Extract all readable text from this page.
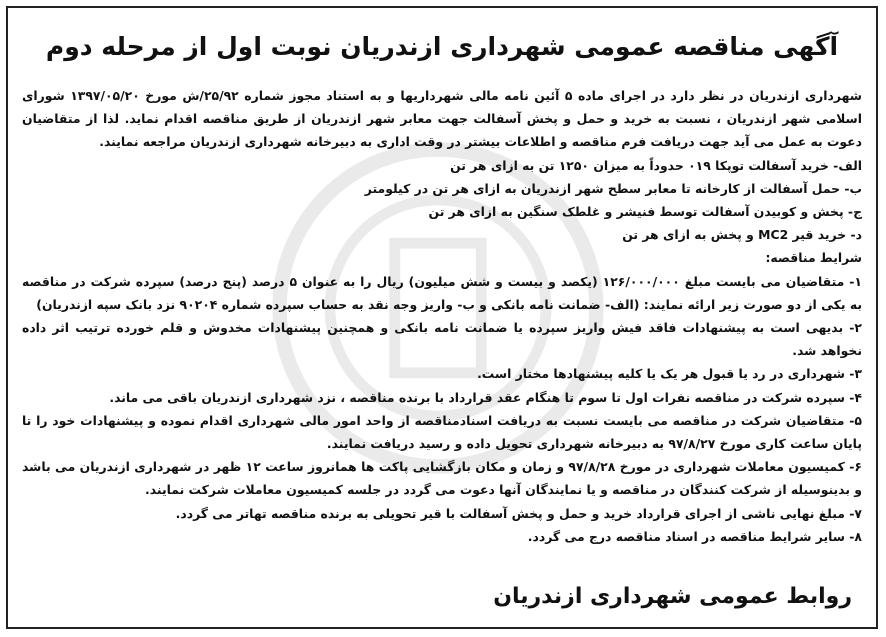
آگهی مناقصه عمومی شهرداری ازندریان نوبت اول از مرحله دوم

شهرداری ازندریان در نظر دارد در اجرای ماده ۵ آئین نامه مالی شهرداریها و به استناد مجوز شماره ۲۵/۹۲/ش مورخ ۱۳۹۷/۰۵/۲۰ شورای اسلامی شهر ازندریان ، نسبت به خرید و حمل و پخش آسفالت جهت معابر شهر ازندریان از طریق مناقصه اقدام نماید. لذا از متقاضیان دعوت به عمل می آید جهت دریافت فرم مناقصه و اطلاعات بیشتر در وقت اداری به دبیرخانه شهرداری ازندریان مراجعه نمایند.

الف- خرید آسفالت توپکا ۰۱۹ حدوداً به میزان ۱۲۵۰ تن به ازای هر تن

ب- حمل آسفالت از کارخانه تا معابر سطح شهر ازندریان به ازای هر تن در کیلومتر

ج- پخش و کوبیدن آسفالت توسط فنیشر و غلطک سنگین به ازای هر تن

د- خرید قیر MC2 و پخش به ازای هر تن

شرایط مناقصه:

۱- متقاضیان می بایست مبلغ ۱۲۶/۰۰۰/۰۰۰ (یکصد و بیست و شش میلیون) ریال را به عنوان ۵ درصد (پنج درصد) سپرده شرکت در مناقصه به یکی از دو صورت زیر ارائه نمایند: (الف- ضمانت نامه بانکی و ب- واریز وجه نقد به حساب سپرده شماره ۹۰۲۰۴ نزد بانک سپه ازندریان)

۲- بدیهی است به پیشنهادات فاقد فیش واریز سپرده یا ضمانت نامه بانکی و همچنین پیشنهادات مخدوش و قلم خورده ترتیب اثر داده نخواهد شد.

۳- شهرداری در رد یا قبول هر یک یا کلیه پیشنهادها مختار است.

۴- سپرده شرکت در مناقصه نفرات اول تا سوم تا هنگام عقد قرارداد با برنده مناقصه ، نزد شهرداری ازندریان باقی می ماند.

۵- متقاضیان شرکت در مناقصه می بایست نسبت به دریافت اسنادمناقصه از واحد امور مالی شهرداری اقدام نموده و پیشنهادات خود را تا پایان ساعت کاری مورخ ۹۷/۸/۲۷ به دبیرخانه شهرداری تحویل داده و رسید دریافت نمایند.

۶- کمیسیون معاملات شهرداری در مورخ ۹۷/۸/۲۸ و زمان و مکان بازگشایی پاکت ها همانروز ساعت ۱۲ ظهر در شهرداری ازندریان می باشد و بدینوسیله از شرکت کنندگان در مناقصه و یا نمایندگان آنها دعوت می گردد در جلسه کمیسیون معاملات شرکت نمایند.

۷- مبلغ نهایی ناشی از اجرای قرارداد خرید و حمل و پخش آسفالت با قیر تحویلی به برنده مناقصه تهاتر می گردد.

۸- سایر شرایط مناقصه در اسناد مناقصه درج می گردد.

روابط عمومی شهرداری ازندریان
